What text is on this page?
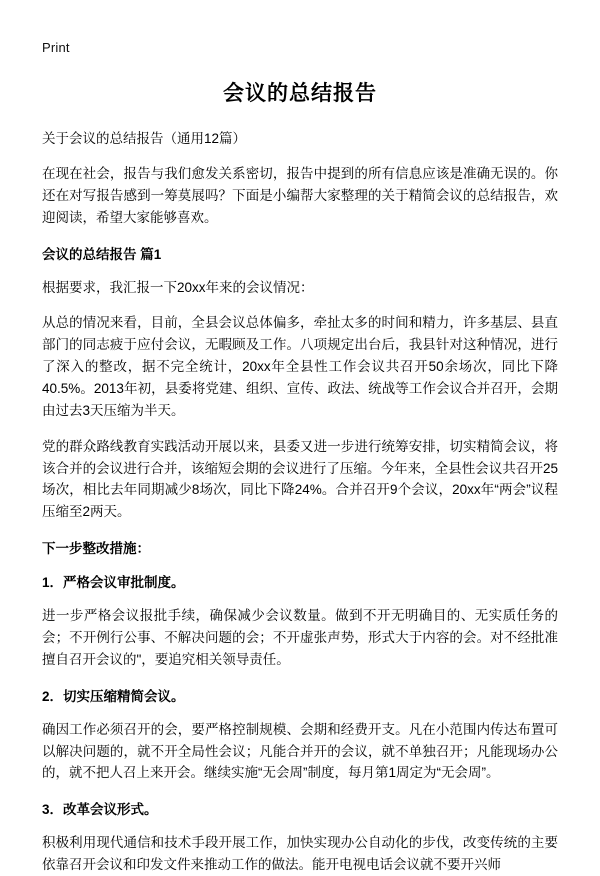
Print
会议的总结报告
关于会议的总结报告（通用12篇）

在现在社会，报告与我们愈发关系密切，报告中提到的所有信息应该是准确无误的。你还在对写报告感到一筹莫展吗？下面是小编帮大家整理的关于精简会议的总结报告，欢迎阅读，希望大家能够喜欢。

会议的总结报告 篇1

根据要求，我汇报一下20xx年来的会议情况：

从总的情况来看，目前，全县会议总体偏多，牵扯太多的时间和精力，许多基层、县直部门的同志疲于应付会议，无暇顾及工作。八项规定出台后，我县针对这种情况，进行了深入的整改，据不完全统计，20xx年全县性工作会议共召开50余场次，同比下降40.5%。2013年初，县委将党建、组织、宣传、政法、统战等工作会议合并召开，会期由过去3天压缩为半天。

党的群众路线教育实践活动开展以来，县委又进一步进行统筹安排，切实精简会议，将该合并的会议进行合并，该缩短会期的会议进行了压缩。今年来，全县性会议共召开25场次，相比去年同期减少8场次，同比下降24%。合并召开9个会议，20xx年“两会”议程压缩至2两天。

下一步整改措施：
1．严格会议审批制度。

进一步严格会议报批手续，确保减少会议数量。做到不开无明确目的、无实质任务的会；不开例行公事、不解决问题的会；不开虚张声势，形式大于内容的会。对不经批准擅自召开会议的"，要追究相关领导责任。

2．切实压缩精简会议。

确因工作必须召开的会，要严格控制规模、会期和经费开支。凡在小范围内传达布置可以解决问题的，就不开全局性会议；凡能合并开的会议，就不单独召开；凡能现场办公的，就不把人召上来开会。继续实施“无会周”制度，每月第1周定为“无会周”。

3．改革会议形式。

积极利用现代通信和技术手段开展工作，加快实现办公自动化的步伐，改变传统的主要依靠召开会议和印发文件来推动工作的做法。能开电视电话会议就不要开兴师
